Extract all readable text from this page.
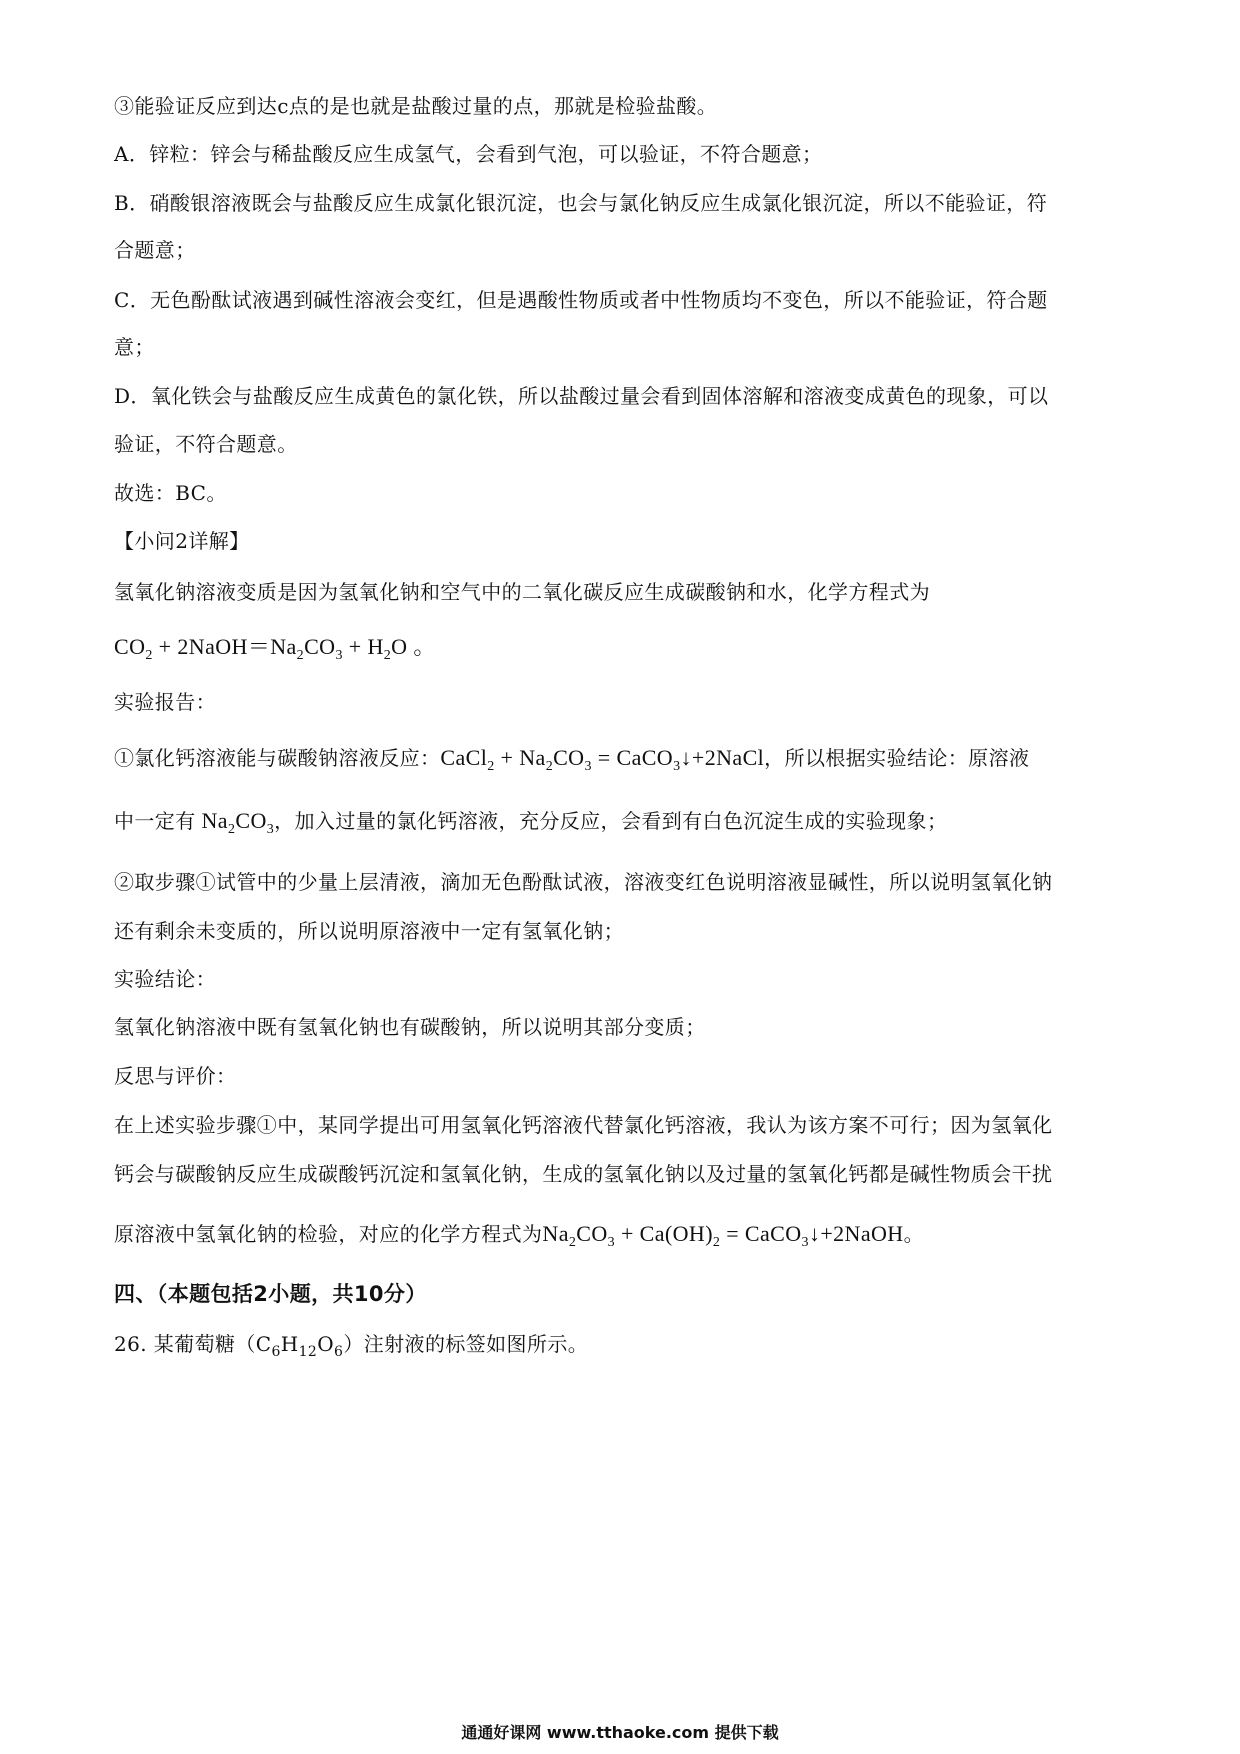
③能验证反应到达c点的是也就是盐酸过量的点，那就是检验盐酸。
A．锌粒：锌会与稀盐酸反应生成氢气，会看到气泡，可以验证，不符合题意；
B．硝酸银溶液既会与盐酸反应生成氯化银沉淀，也会与氯化钠反应生成氯化银沉淀，所以不能验证，符
合题意；
C．无色酚酞试液遇到碱性溶液会变红，但是遇酸性物质或者中性物质均不变色，所以不能验证，符合题
意；
D．氧化铁会与盐酸反应生成黄色的氯化铁，所以盐酸过量会看到固体溶解和溶液变成黄色的现象，可以
验证，不符合题意。
故选：BC。
【小问2详解】
氢氧化钠溶液变质是因为氢氧化钠和空气中的二氧化碳反应生成碳酸钠和水，化学方程式为
$CO_2$ + $2NaOH=Na_2CO_3 + H_2O$ 。
实验报告：
①氯化钙溶液能与碳酸钠溶液反应：CaCl$_2$ + $Na_2CO_3$ = CaCO$_3$↓+2NaCl，所以根据实验结论：原溶液
中一定有 $Na_2CO_3$，加入过量的氯化钙溶液，充分反应，会看到有白色沉淀生成的实验现象；
②取步骤①试管中的少量上层清液，滴加无色酚酞试液，溶液变红色说明溶液显碱性，所以说明氢氧化钠
还有剩余未变质的，所以说明原溶液中一定有氢氧化钠；
实验结论：
氢氧化钠溶液中既有氢氧化钠也有碳酸钠，所以说明其部分变质；
反思与评价：
在上述实验步骤①中，某同学提出可用氢氧化钙溶液代替氯化钙溶液，我认为该方案不可行；因为氢氧化
钙会与碳酸钠反应生成碳酸钙沉淀和氢氧化钠，生成的氢氧化钠以及过量的氢氧化钙都是碱性物质会干扰
原溶液中氢氧化钠的检验，对应的化学方程式为$Na_2CO_3 + Ca(OH)_2$ = CaCO$_3$↓+2NaOH。
四、（本题包括2小题，共10分）
26. 某葡萄糖$(C_6H_{12}O_6)$注射液的标签如图所示。
通通好课网 www.tthaoke.com 提供下载
